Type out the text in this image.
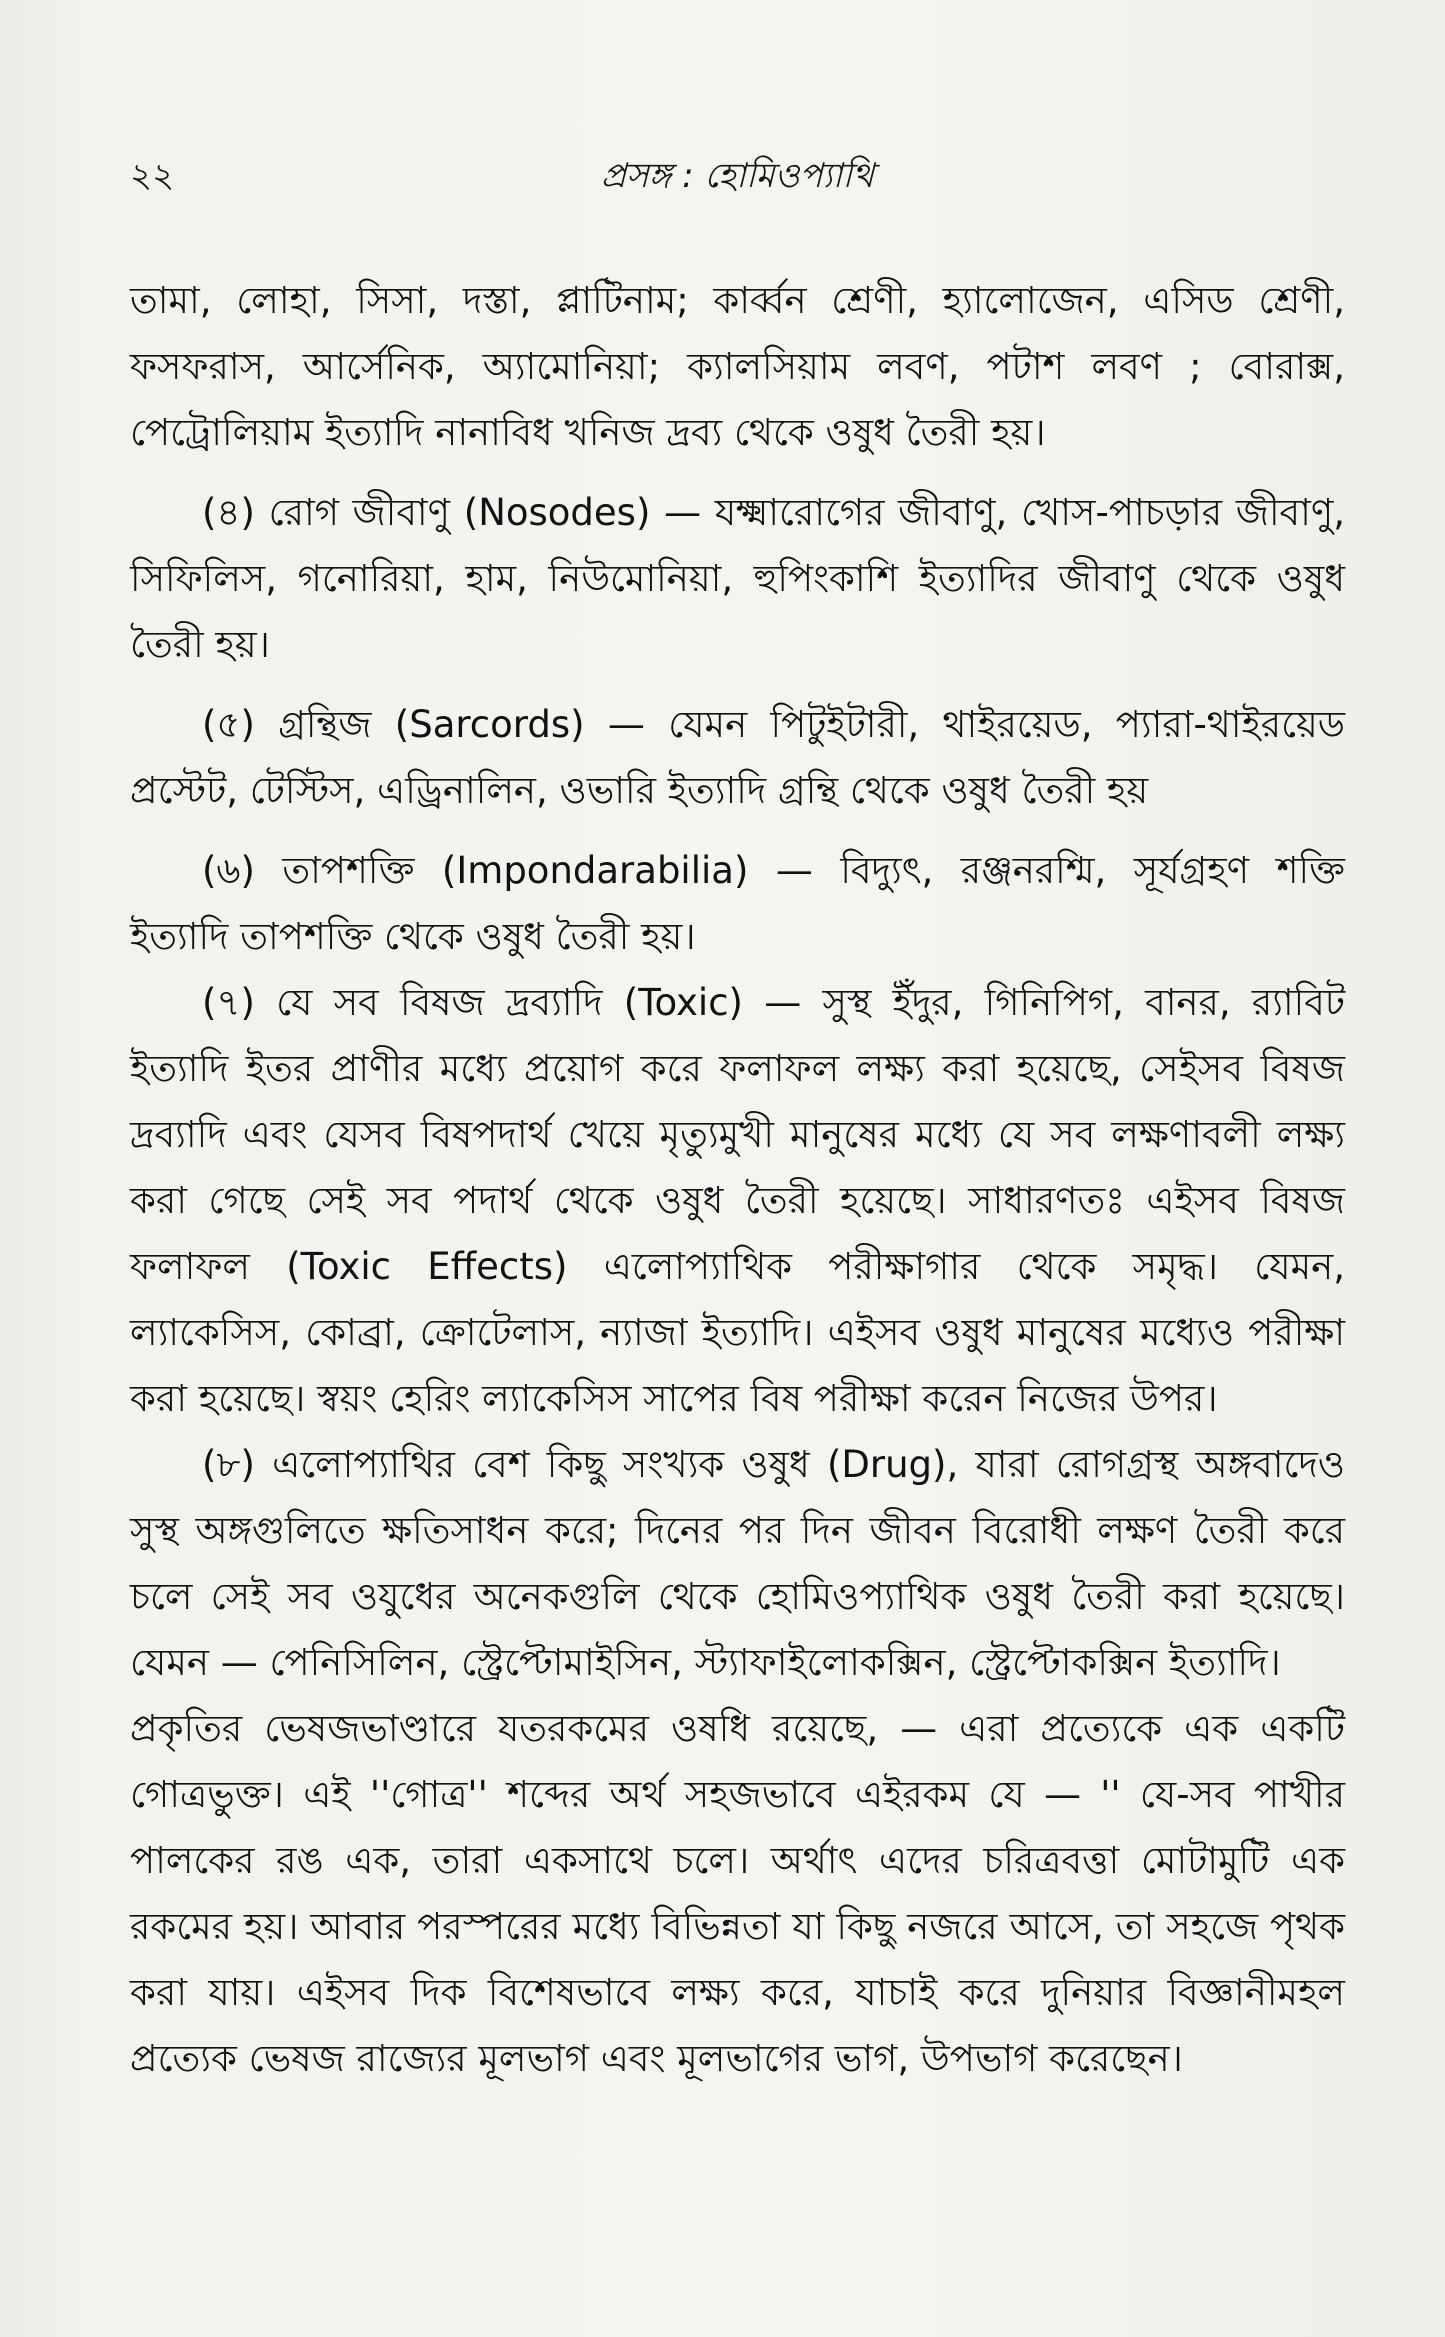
২২	প্রসঙ্গ : হোমিওপ্যাথি

তামা, লোহা, সিসা, দস্তা, প্লাটিনাম; কার্ব্বন শ্রেণী, হ্যালোজেন, এসিড শ্রেণী, ফসফরাস, আর্সেনিক, অ্যামোনিয়া; ক্যালসিয়াম লবণ, পটাশ লবণ ; বোরাক্স, পেট্রোলিয়াম ইত্যাদি নানাবিধ খনিজ দ্রব্য থেকে ওষুধ তৈরী হয়।

(৪) রোগ জীবাণু (Nosodes) — যক্ষ্মারোগের জীবাণু, খোস-পাচড়ার জীবাণু, সিফিলিস, গনোরিয়া, হাম, নিউমোনিয়া, হুপিংকাশি ইত্যাদির জীবাণু থেকে ওষুধ তৈরী হয়।

(৫) গ্রন্থিজ (Sarcords) — যেমন পিটুইটারী, থাইরয়েড, প্যারা-থাইরয়েড প্রস্টেট, টেস্টিস, এড্রিনালিন, ওভারি ইত্যাদি গ্রন্থি থেকে ওষুধ তৈরী হয়

(৬) তাপশক্তি (Impondarabilia) — বিদ্যুৎ, রঞ্জনরশ্মি, সূর্যগ্রহণ শক্তি ইত্যাদি তাপশক্তি থেকে ওষুধ তৈরী হয়।

(৭) যে সব বিষজ দ্রব্যাদি (Toxic) — সুস্থ ইঁদুর, গিনিপিগ, বানর, র‍্যাবিট ইত্যাদি ইতর প্রাণীর মধ্যে প্রয়োগ করে ফলাফল লক্ষ্য করা হয়েছে, সেইসব বিষজ দ্রব্যাদি এবং যেসব বিষপদার্থ খেয়ে মৃত্যুমুখী মানুষের মধ্যে যে সব লক্ষণাবলী লক্ষ্য করা গেছে সেই সব পদার্থ থেকে ওষুধ তৈরী হয়েছে। সাধারণতঃ এইসব বিষজ ফলাফল (Toxic Effects) এলোপ্যাথিক পরীক্ষাগার থেকে সমৃদ্ধ। যেমন, ল্যাকেসিস, কোব্রা, ক্রোটেলাস, ন্যাজা ইত্যাদি। এইসব ওষুধ মানুষের মধ্যেও পরীক্ষা করা হয়েছে। স্বয়ং হেরিং ল্যাকেসিস সাপের বিষ পরীক্ষা করেন নিজের উপর।

(৮) এলোপ্যাথির বেশ কিছু সংখ্যক ওষুধ (Drug), যারা রোগগ্রস্থ অঙ্গবাদেও সুস্থ অঙ্গগুলিতে ক্ষতিসাধন করে; দিনের পর দিন জীবন বিরোধী লক্ষণ তৈরী করে চলে সেই সব ওযুধের অনেকগুলি থেকে হোমিওপ্যাথিক ওষুধ তৈরী করা হয়েছে। যেমন — পেনিসিলিন, স্ট্রেপ্টোমাইসিন, স্ট্যাফাইলোকক্সিন, স্ট্রেপ্টোকক্সিন ইত্যাদি।

প্রকৃতির ভেষজভাণ্ডারে যতরকমের ওষধি রয়েছে, — এরা প্রত্যেকে এক একটি গোত্রভুক্ত। এই ''গোত্র'' শব্দের অর্থ সহজভাবে এইরকম যে — '' যে-সব পাখীর পালকের রঙ এক, তারা একসাথে চলে। অর্থাৎ এদের চরিত্রবত্তা মোটামুটি এক রকমের হয়। আবার পরস্পরের মধ্যে বিভিন্নতা যা কিছু নজরে আসে, তা সহজে পৃথক করা যায়। এইসব দিক বিশেষভাবে লক্ষ্য করে, যাচাই করে দুনিয়ার বিজ্ঞানীমহল প্রত্যেক ভেষজ রাজ্যের মূলভাগ এবং মূলভাগের ভাগ, উপভাগ করেছেন।
